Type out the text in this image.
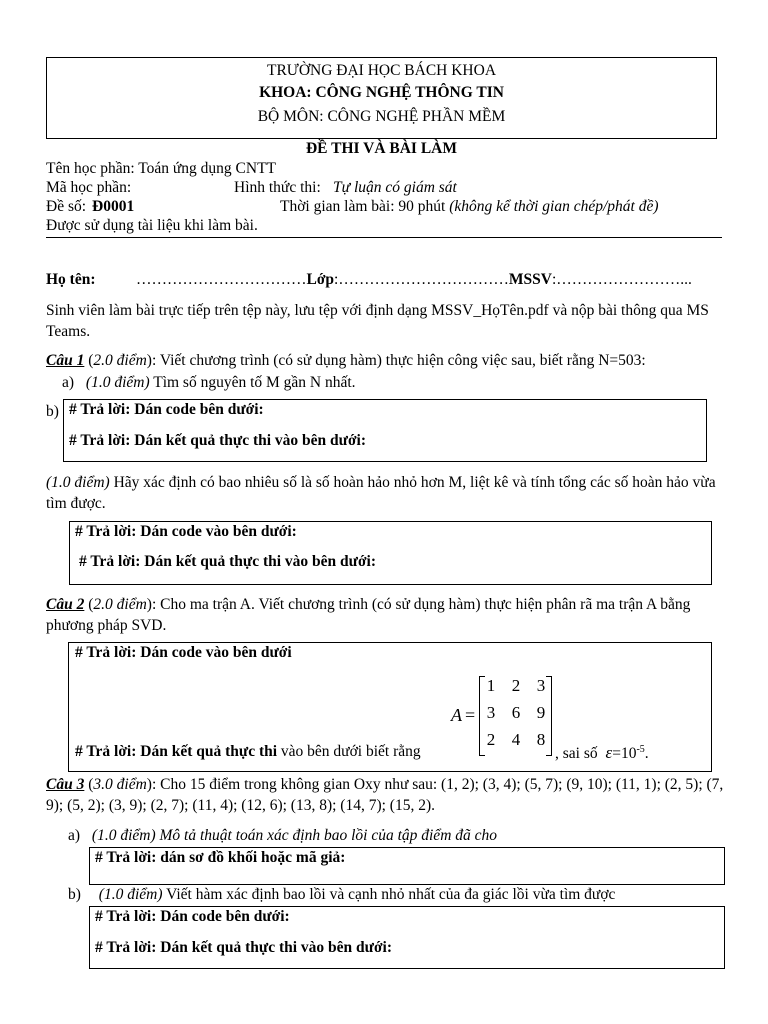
TRƯỜNG ĐẠI HỌC BÁCH KHOA
KHOA: CÔNG NGHỆ THÔNG TIN
BỘ MÔN: CÔNG NGHỆ PHẦN MỀM
ĐỀ THI VÀ BÀI LÀM
Tên học phần: Toán ứng dụng CNTT
Mã học phần:	Hình thức thi: Tự luận có giám sát
Đề số: Đ0001	Thời gian làm bài: 90 phút (không kể thời gian chép/phát đề)
Được sử dụng tài liệu khi làm bài.
Họ tên:	……………………………Lớp:……………………………MSSV:……………………...
Sinh viên làm bài trực tiếp trên tệp này, lưu tệp với định dạng MSSV_HọTên.pdf và nộp bài thông qua MS Teams.
Câu 1 (2.0 điểm): Viết chương trình (có sử dụng hàm) thực hiện công việc sau, biết rằng N=503:
a) (1.0 điểm) Tìm số nguyên tố M gần N nhất.
b) # Trả lời: Dán code bên dưới:
# Trả lời: Dán kết quả thực thi vào bên dưới:
(1.0 điểm) Hãy xác định có bao nhiêu số là số hoàn hảo nhỏ hơn M, liệt kê và tính tổng các số hoàn hảo vừa tìm được.
# Trả lời: Dán code vào bên dưới:
# Trả lời: Dán kết quả thực thi vào bên dưới:
Câu 2 (2.0 điểm): Cho ma trận A. Viết chương trình (có sử dụng hàm) thực hiện phân rã ma trận A bằng phương pháp SVD.
# Trả lời: Dán code vào bên dưới
# Trả lời: Dán kết quả thực thi vào bên dưới biết rằng
A =
1 2 3
3 6 9
2 4 8
, sai số $\varepsilon=10^{-5}$.
Câu 3 (3.0 điểm): Cho 15 điểm trong không gian Oxy như sau: (1, 2); (3, 4); (5, 7); (9, 10); (11, 1); (2, 5); (7, 9); (5, 2); (3, 9); (2, 7); (11, 4); (12, 6); (13, 8); (14, 7); (15, 2).
a) (1.0 điểm) Mô tả thuật toán xác định bao lồi của tập điểm đã cho
# Trả lời: dán sơ đồ khối hoặc mã giả:
b) (1.0 điểm) Viết hàm xác định bao lồi và cạnh nhỏ nhất của đa giác lồi vừa tìm được
# Trả lời: Dán code bên dưới:
# Trả lời: Dán kết quả thực thi vào bên dưới:
